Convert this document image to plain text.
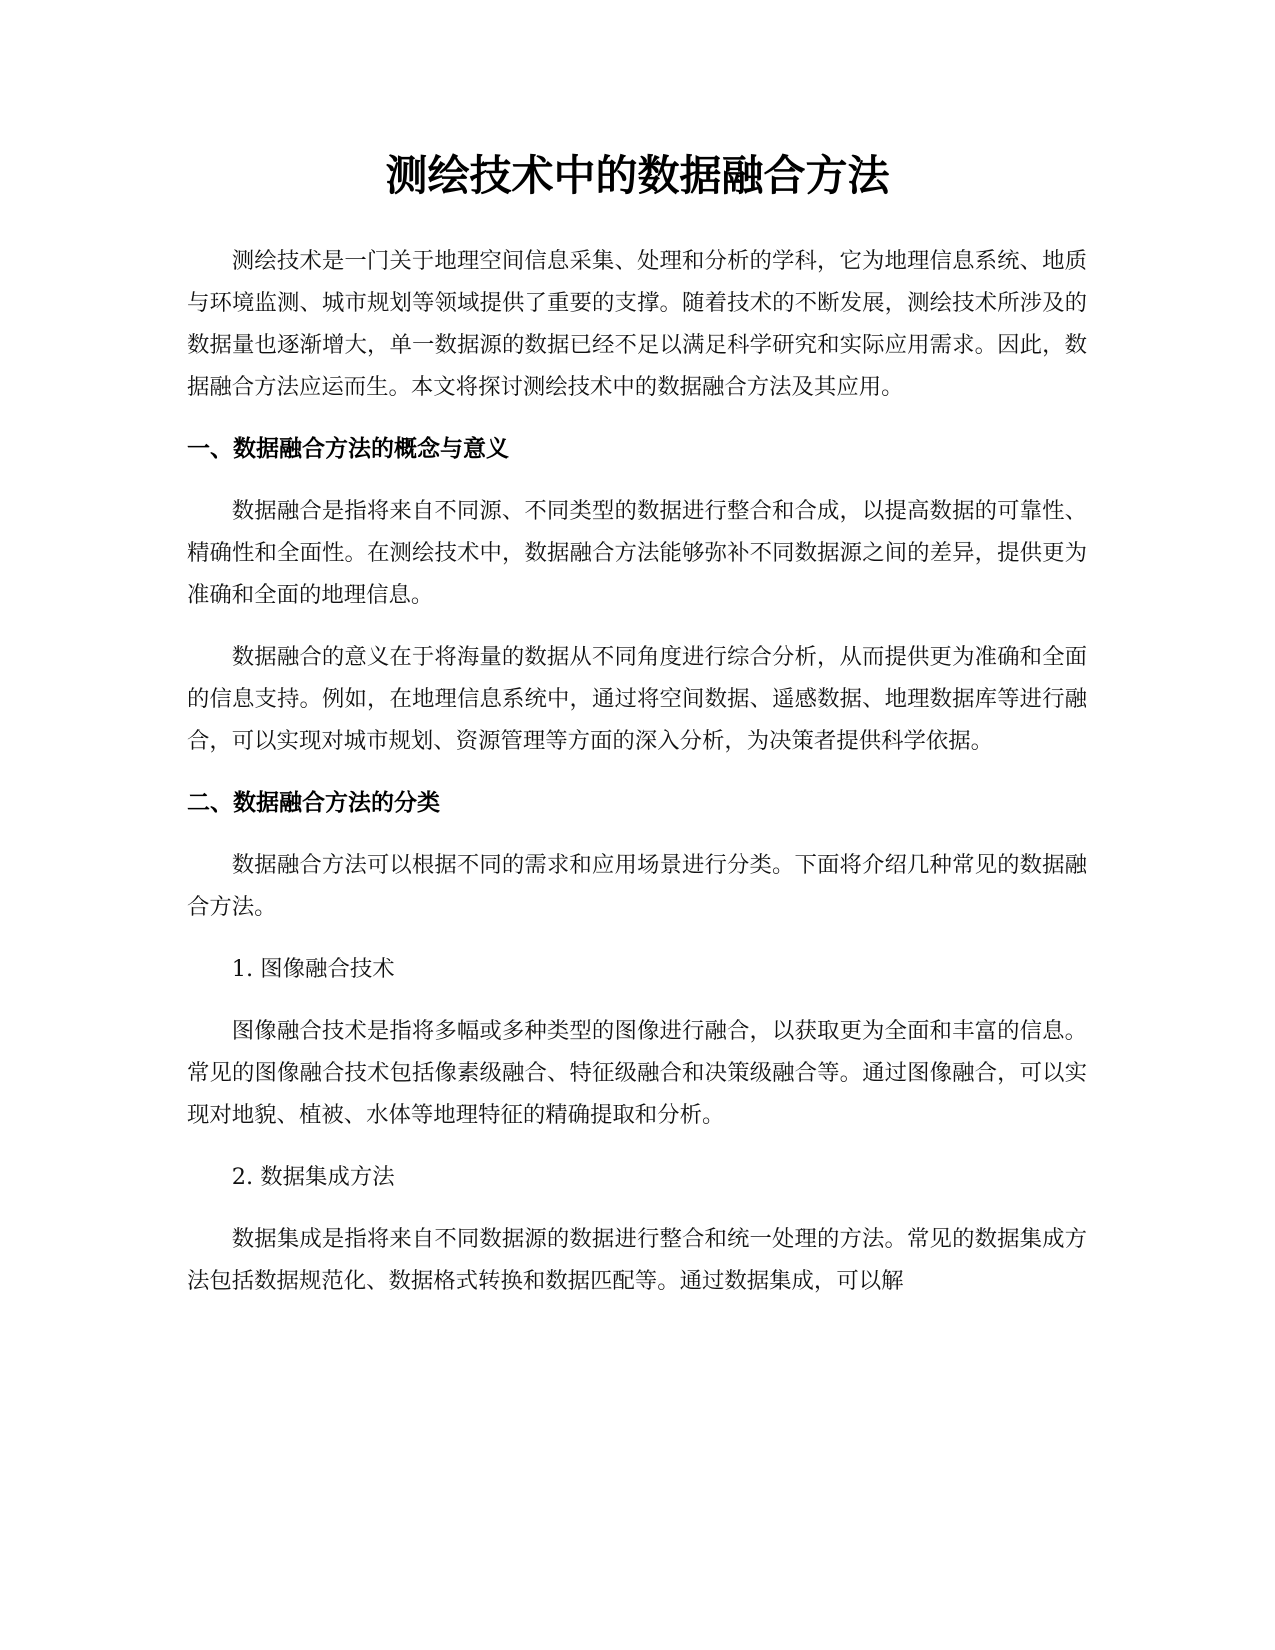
测绘技术中的数据融合方法

测绘技术是一门关于地理空间信息采集、处理和分析的学科，它为地理信息系统、地质与环境监测、城市规划等领域提供了重要的支撑。随着技术的不断发展，测绘技术所涉及的数据量也逐渐增大，单一数据源的数据已经不足以满足科学研究和实际应用需求。因此，数据融合方法应运而生。本文将探讨测绘技术中的数据融合方法及其应用。

一、数据融合方法的概念与意义

数据融合是指将来自不同源、不同类型的数据进行整合和合成，以提高数据的可靠性、精确性和全面性。在测绘技术中，数据融合方法能够弥补不同数据源之间的差异，提供更为准确和全面的地理信息。

数据融合的意义在于将海量的数据从不同角度进行综合分析，从而提供更为准确和全面的信息支持。例如，在地理信息系统中，通过将空间数据、遥感数据、地理数据库等进行融合，可以实现对城市规划、资源管理等方面的深入分析，为决策者提供科学依据。

二、数据融合方法的分类

数据融合方法可以根据不同的需求和应用场景进行分类。下面将介绍几种常见的数据融合方法。

1. 图像融合技术

图像融合技术是指将多幅或多种类型的图像进行融合，以获取更为全面和丰富的信息。常见的图像融合技术包括像素级融合、特征级融合和决策级融合等。通过图像融合，可以实现对地貌、植被、水体等地理特征的精确提取和分析。

2. 数据集成方法

数据集成是指将来自不同数据源的数据进行整合和统一处理的方法。常见的数据集成方法包括数据规范化、数据格式转换和数据匹配等。通过数据集成，可以解
